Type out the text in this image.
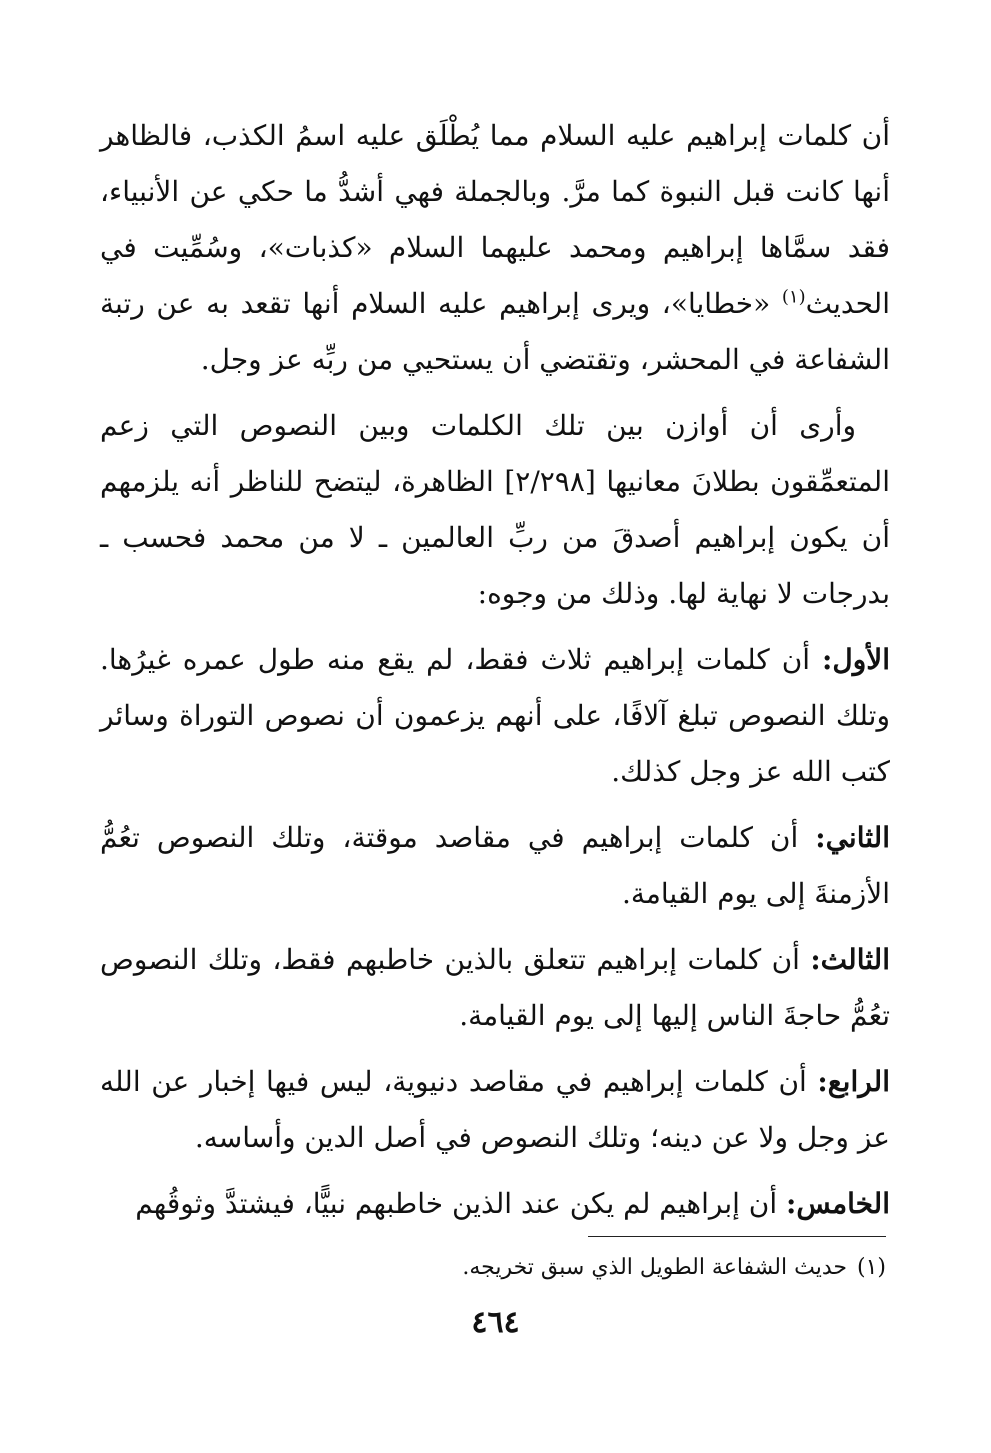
أن كلمات إبراهيم عليه السلام مما يُطْلَق عليه اسمُ الكذب، فالظاهر أنها كانت قبل النبوة كما مرَّ. وبالجملة فهي أشدُّ ما حكي عن الأنبياء، فقد سمَّاها إبراهيم ومحمد عليهما السلام «كذبات»، وسُمِّيت في الحديث$^{(١)}$ «خطايا»، ويرى إبراهيم عليه السلام أنها تقعد به عن رتبة الشفاعة في المحشر، وتقتضي أن يستحيي من ربِّه عز وجل.

وأرى أن أوازن بين تلك الكلمات وبين النصوص التي زعم المتعمِّقون بطلانَ معانيها [٢/٢٩٨] الظاهرة، ليتضح للناظر أنه يلزمهم أن يكون إبراهيم أصدقَ من ربِّ العالمين ـ لا من محمد فحسب ـ بدرجات لا نهاية لها. وذلك من وجوه:

الأول: أن كلمات إبراهيم ثلاث فقط، لم يقع منه طول عمره غيرُها. وتلك النصوص تبلغ آلافًا، على أنهم يزعمون أن نصوص التوراة وسائر كتب الله عز وجل كذلك.

الثاني: أن كلمات إبراهيم في مقاصد موقتة، وتلك النصوص تعُمُّ الأزمنةَ إلى يوم القيامة.

الثالث: أن كلمات إبراهيم تتعلق بالذين خاطبهم فقط، وتلك النصوص تعُمُّ حاجةَ الناس إليها إلى يوم القيامة.

الرابع: أن كلمات إبراهيم في مقاصد دنيوية، ليس فيها إخبار عن الله عز وجل ولا عن دينه؛ وتلك النصوص في أصل الدين وأساسه.

الخامس: أن إبراهيم لم يكن عند الذين خاطبهم نبيًّا، فيشتدَّ وثوقُهم

(١)حديث الشفاعة الطويل الذي سبق تخريجه.
٤٦٤
